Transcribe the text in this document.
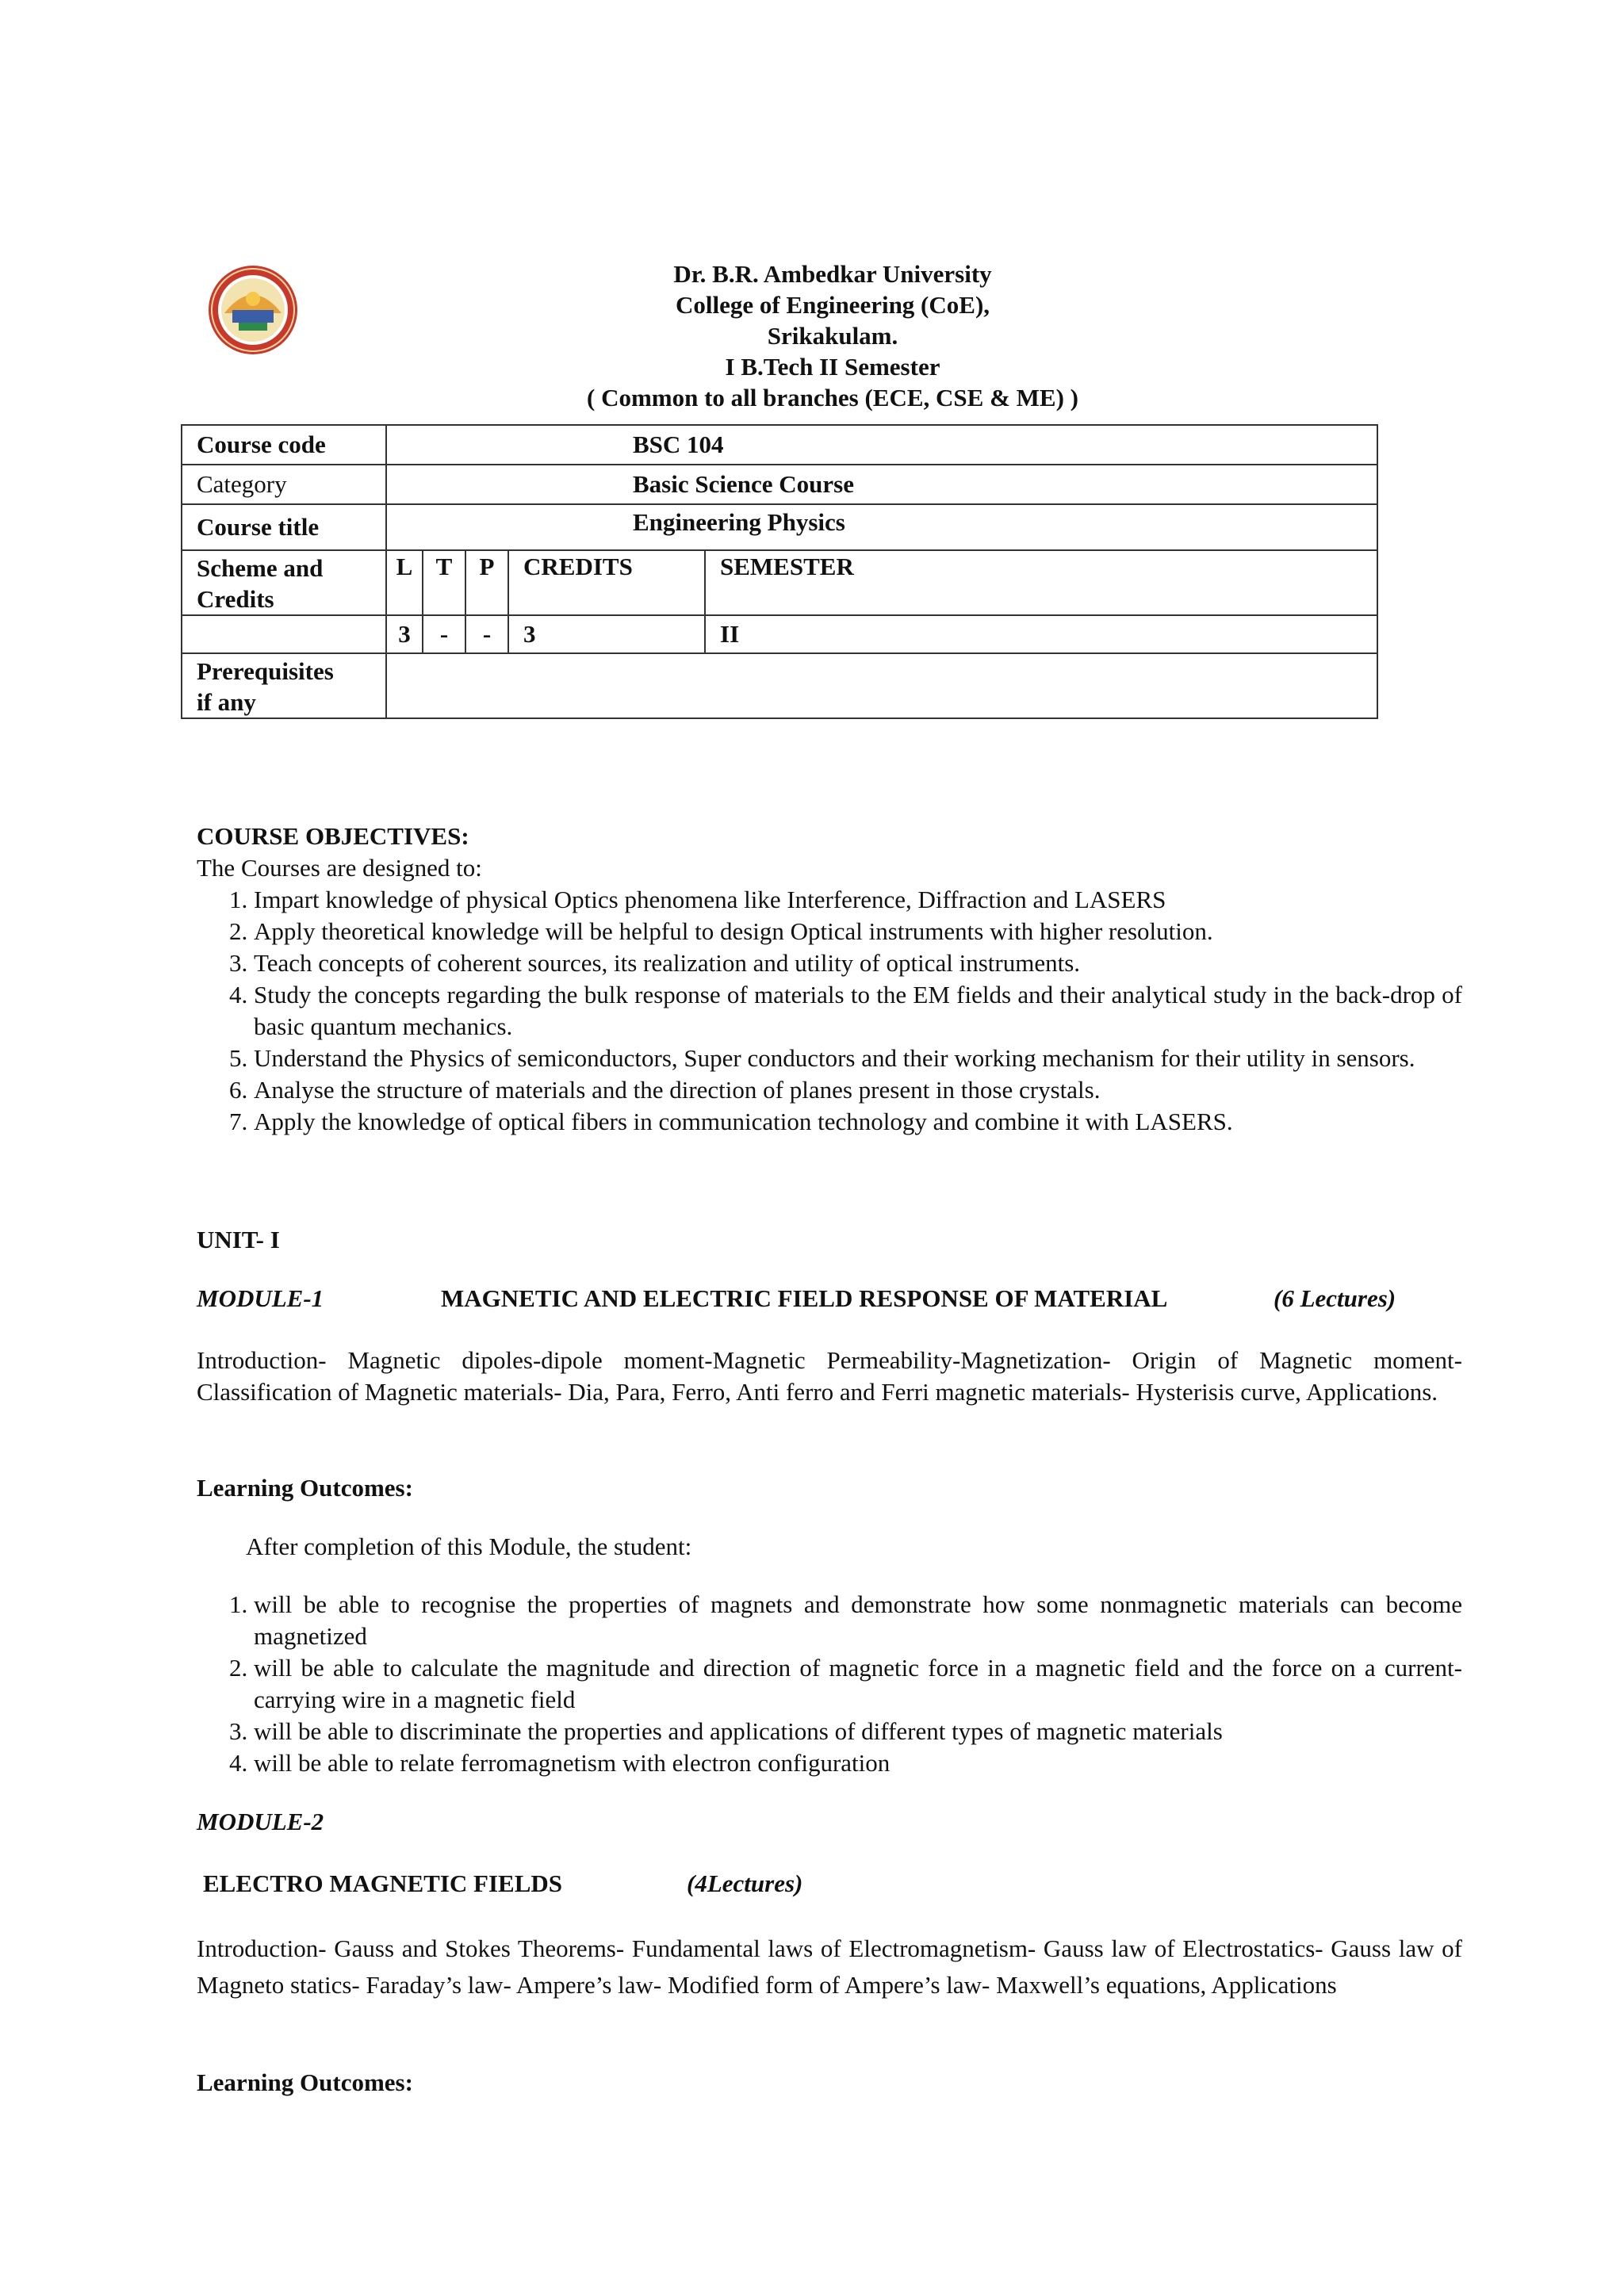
Dr. B.R. Ambedkar University
College of Engineering (CoE),
Srikakulam.
I B.Tech II Semester
( Common to all branches (ECE, CSE & ME) )
Course code	BSC 104				
Category	Basic Science Course				
Course title	Engineering Physics				

Scheme and
Credits	L	T	P	CREDITS	SEMESTER
	3	-	-	3	II

Prerequisites
if any					

COURSE OBJECTIVES:
The Courses are designed to:
1. Impart knowledge of physical Optics phenomena like Interference, Diffraction and LASERS
2. Apply theoretical knowledge will be helpful to design Optical instruments with higher resolution.
3. Teach concepts of coherent sources, its realization and utility of optical instruments.
4. Study the concepts regarding the bulk response of materials to the EM fields and their analytical study in the back-drop of basic quantum mechanics.
5. Understand the Physics of semiconductors, Super conductors and their working mechanism for their utility in sensors.
6. Analyse the structure of materials and the direction of planes present in those crystals.
7. Apply the knowledge of optical fibers in communication technology and combine it with LASERS.
UNIT- I
MODULE-1	MAGNETIC AND ELECTRIC FIELD RESPONSE OF MATERIAL	(6 Lectures)
Introduction- Magnetic dipoles-dipole moment-Magnetic Permeability-Magnetization- Origin of Magnetic moment- Classification of Magnetic materials- Dia, Para, Ferro, Anti ferro and Ferri magnetic materials- Hysterisis curve, Applications.
Learning Outcomes:
After completion of this Module, the student:
1. will be able to recognise the properties of magnets and demonstrate how some nonmagnetic materials can become magnetized
2. will be able to calculate the magnitude and direction of magnetic force in a magnetic field and the force on a current-carrying wire in a magnetic field
3. will be able to discriminate the properties and applications of different types of magnetic materials
4. will be able to relate ferromagnetism with electron configuration
MODULE-2
ELECTRO MAGNETIC FIELDS	(4Lectures)
Introduction- Gauss and Stokes Theorems- Fundamental laws of Electromagnetism- Gauss law of Electrostatics- Gauss law of Magneto statics- Faraday’s law- Ampere’s law- Modified form of Ampere’s law- Maxwell’s equations, Applications
Learning Outcomes:
